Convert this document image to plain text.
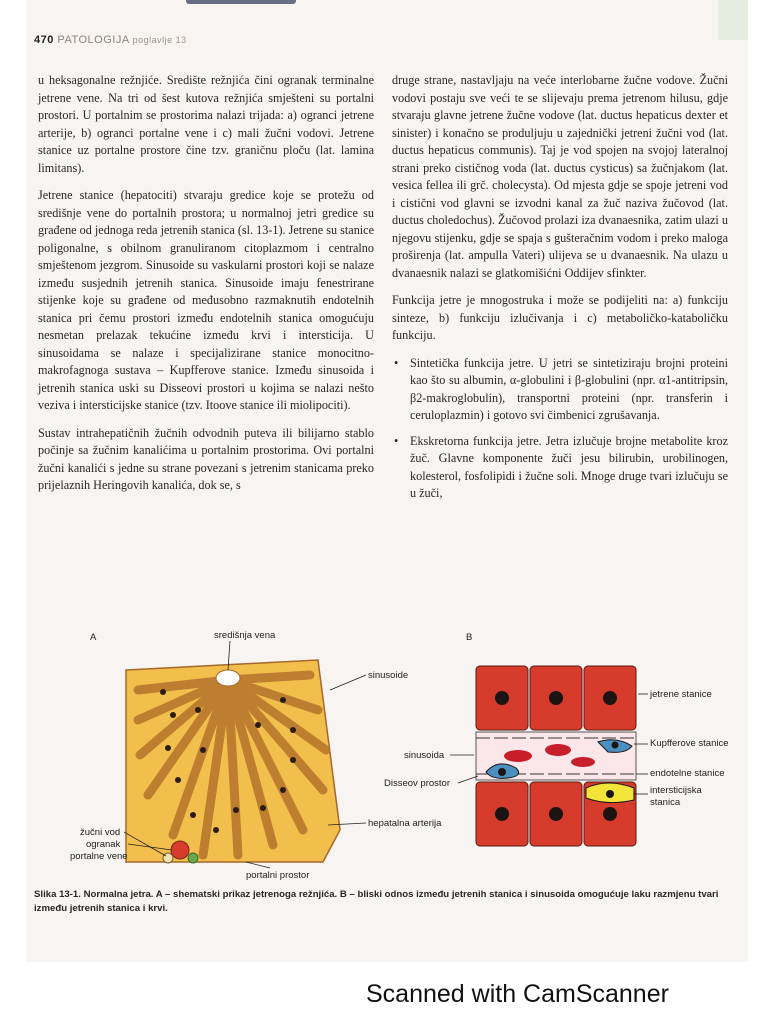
470 PATOLOGIJA poglavlje 13

u heksagonalne režnjiće. Središte režnjića čini ogranak terminalne jetrene vene. Na tri od šest kutova režnjića smješteni su portalni prostori. U portalnim se prostorima nalazi trijada: a) ogranci jetrene arterije, b) ogranci portalne vene i c) mali žučni vodovi. Jetrene stanice uz portalne prostore čine tzv. graničnu ploču (lat. lamina limitans).

Jetrene stanice (hepatociti) stvaraju gredice koje se protežu od središnje vene do portalnih prostora; u normalnoj jetri gredice su građene od jednoga reda jetrenih stanica (sl. 13-1). Jetrene su stanice poligonalne, s obilnom granuliranom citoplazmom i centralno smještenom jezgrom. Sinusoide su vaskularni prostori koji se nalaze između susjednih jetrenih stanica. Sinusoide imaju fenestrirane stijenke koje su građene od međusobno razmaknutih endotelnih stanica pri čemu prostori između endotelnih stanica omogućuju nesmetan prelazak tekućine između krvi i intersticija. U sinusoidama se nalaze i specijalizirane stanice monocitno-makrofagnoga sustava – Kupfferove stanice. Između sinusoida i jetrenih stanica uski su Disseovi prostori u kojima se nalazi nešto veziva i intersticijske stanice (tzv. Itoove stanice ili miolipociti).

Sustav intrahepatičnih žučnih odvodnih puteva ili bilijarno stablo počinje sa žučnim kanalićima u portalnim prostorima. Ovi portalni žučni kanalići s jedne su strane povezani s jetrenim stanicama preko prijelaznih Heringovih kanalića, dok se, s

druge strane, nastavljaju na veće interlobarne žučne vodove. Žučni vodovi postaju sve veći te se slijevaju prema jetrenom hilusu, gdje stvaraju glavne jetrene žučne vodove (lat. ductus hepaticus dexter et sinister) i konačno se produljuju u zajednički jetreni žučni vod (lat. ductus hepaticus communis). Taj je vod spojen na svojoj lateralnoj strani preko cističnog voda (lat. ductus cysticus) sa žučnjakom (lat. vesica fellea ili grč. cholecysta). Od mjesta gdje se spoje jetreni vod i cistični vod glavni se izvodni kanal za žuč naziva žučovod (lat. ductus choledochus). Žučovod prolazi iza dvanaesnika, zatim ulazi u njegovu stijenku, gdje se spaja s gušteračnim vodom i preko maloga proširenja (lat. ampulla Vateri) ulijeva se u dvanaesnik. Na ulazu u dvanaesnik nalazi se glatkomišićni Oddijev sfinkter.

Funkcija jetre je mnogostruka i može se podijeliti na: a) funkciju sinteze, b) funkciju izlučivanja i c) metaboličko-kataboličku funkciju.

• Sintetička funkcija jetre. U jetri se sintetiziraju brojni proteini kao što su albumin, α-globulini i β-globulini (npr. α1-antitripsin, β2-makroglobulin), transportni proteini (npr. transferin i ceruloplazmin) i gotovo svi čimbenici zgrušavanja.
• Ekskretorna funkcija jetre. Jetra izlučuje brojne metabolite kroz žuč. Glavne komponente žuči jesu bilirubin, urobilinogen, kolesterol, fosfolipidi i žučne soli. Mnoge druge tvari izlučuju se u žuči,
A	središnja vena
sinusoide
hepatalna arterija
žučni vod
ogranak
portalne vene
portalni prostor
B
jetrene stanice
sinusoida
Kupfferove stanice
Disseov prostor
endotelne stanice
intersticijska
stanica
Slika 13-1. Normalna jetra. A – shematski prikaz jetrenoga režnjića. B – bliski odnos između jetrenih stanica i sinusoida omogućuje laku razmjenu tvari između jetrenih stanica i krvi.
Scanned with CamScanner
